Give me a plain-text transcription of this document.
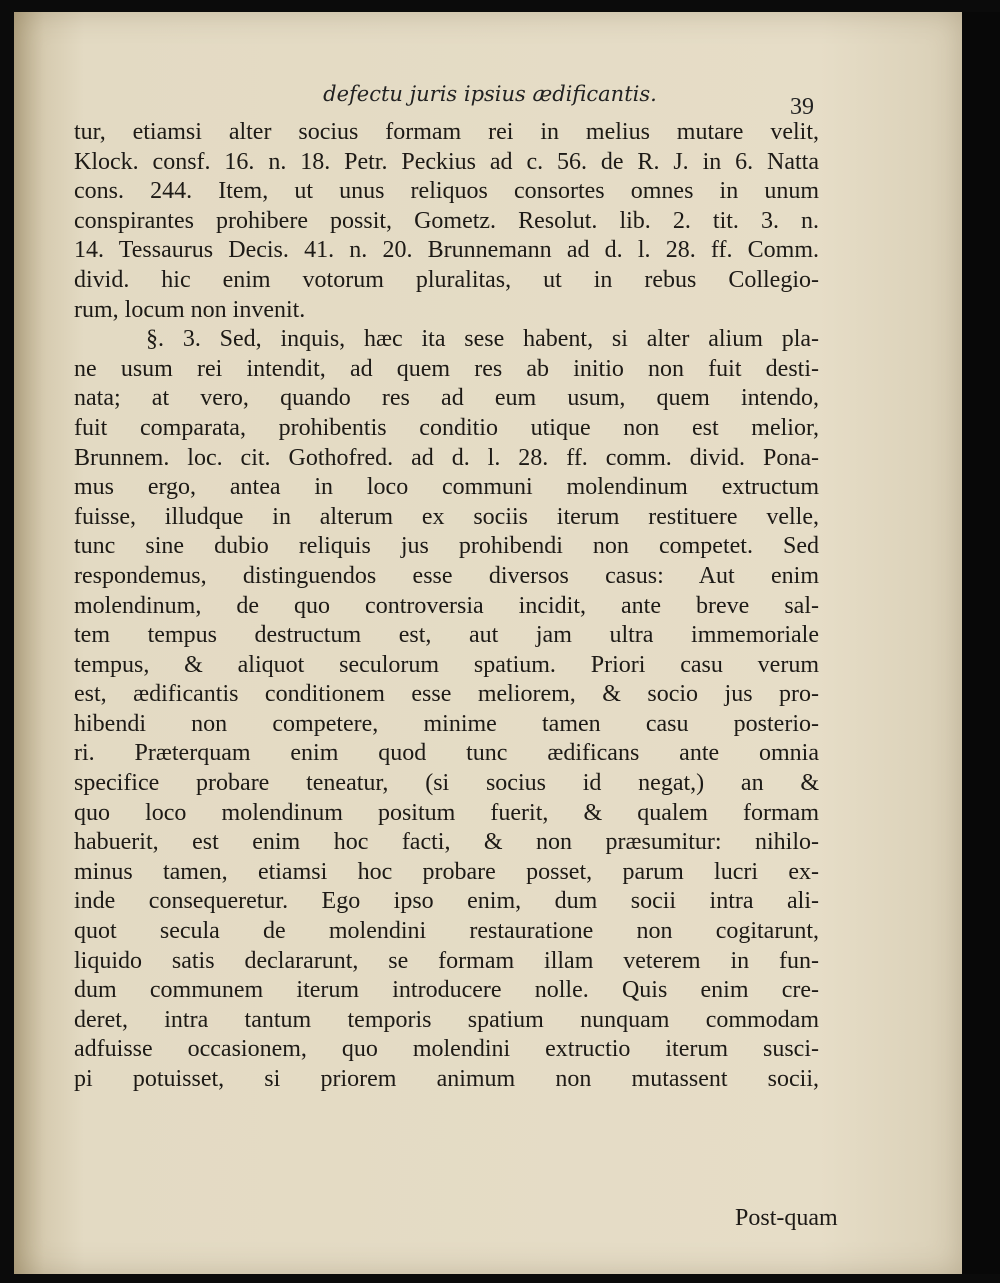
defectu juris ipsius ædificantis.	39
tur, etiamsi alter socius formam rei in melius mutare velit,
Klock. consf. 16. n. 18. Petr. Peckius ad c. 56. de R. J. in 6. Natta
cons. 244. Item, ut unus reliquos consortes omnes in unum
conspirantes prohibere possit, Gometz. Resolut. lib. 2. tit. 3. n.
14. Tessaurus Decis. 41. n. 20. Brunnemann ad d. l. 28. ff. Comm.
divid. hic enim votorum pluralitas, ut in rebus Collegio-
rum, locum non invenit.
§. 3. Sed, inquis, hæc ita sese habent, si alter alium pla-
ne usum rei intendit, ad quem res ab initio non fuit desti-
nata; at vero, quando res ad eum usum, quem intendo,
fuit comparata, prohibentis conditio utique non est melior,
Brunnem. loc. cit. Gothofred. ad d. l. 28. ff. comm. divid. Pona-
mus ergo, antea in loco communi molendinum extructum
fuisse, illudque in alterum ex sociis iterum restituere velle,
tunc sine dubio reliquis jus prohibendi non competet. Sed
respondemus, distinguendos esse diversos casus: Aut enim
molendinum, de quo controversia incidit, ante breve sal-
tem tempus destructum est, aut jam ultra immemoriale
tempus, & aliquot seculorum spatium. Priori casu verum
est, ædificantis conditionem esse meliorem, & socio jus pro-
hibendi non competere, minime tamen casu posterio-
ri. Præterquam enim quod tunc ædificans ante omnia
specifice probare teneatur, (si socius id negat,) an &
quo loco molendinum positum fuerit, & qualem formam
habuerit, est enim hoc facti, & non præsumitur: nihilo-
minus tamen, etiamsi hoc probare posset, parum lucri ex-
inde consequeretur. Ego ipso enim, dum socii intra ali-
quot secula de molendini restauratione non cogitarunt,
liquido satis declararunt, se formam illam veterem in fun-
dum communem iterum introducere nolle. Quis enim cre-
deret, intra tantum temporis spatium nunquam commodam
adfuisse occasionem, quo molendini extructio iterum susci-
pi potuisset, si priorem animum non mutassent socii,
Post-quam
